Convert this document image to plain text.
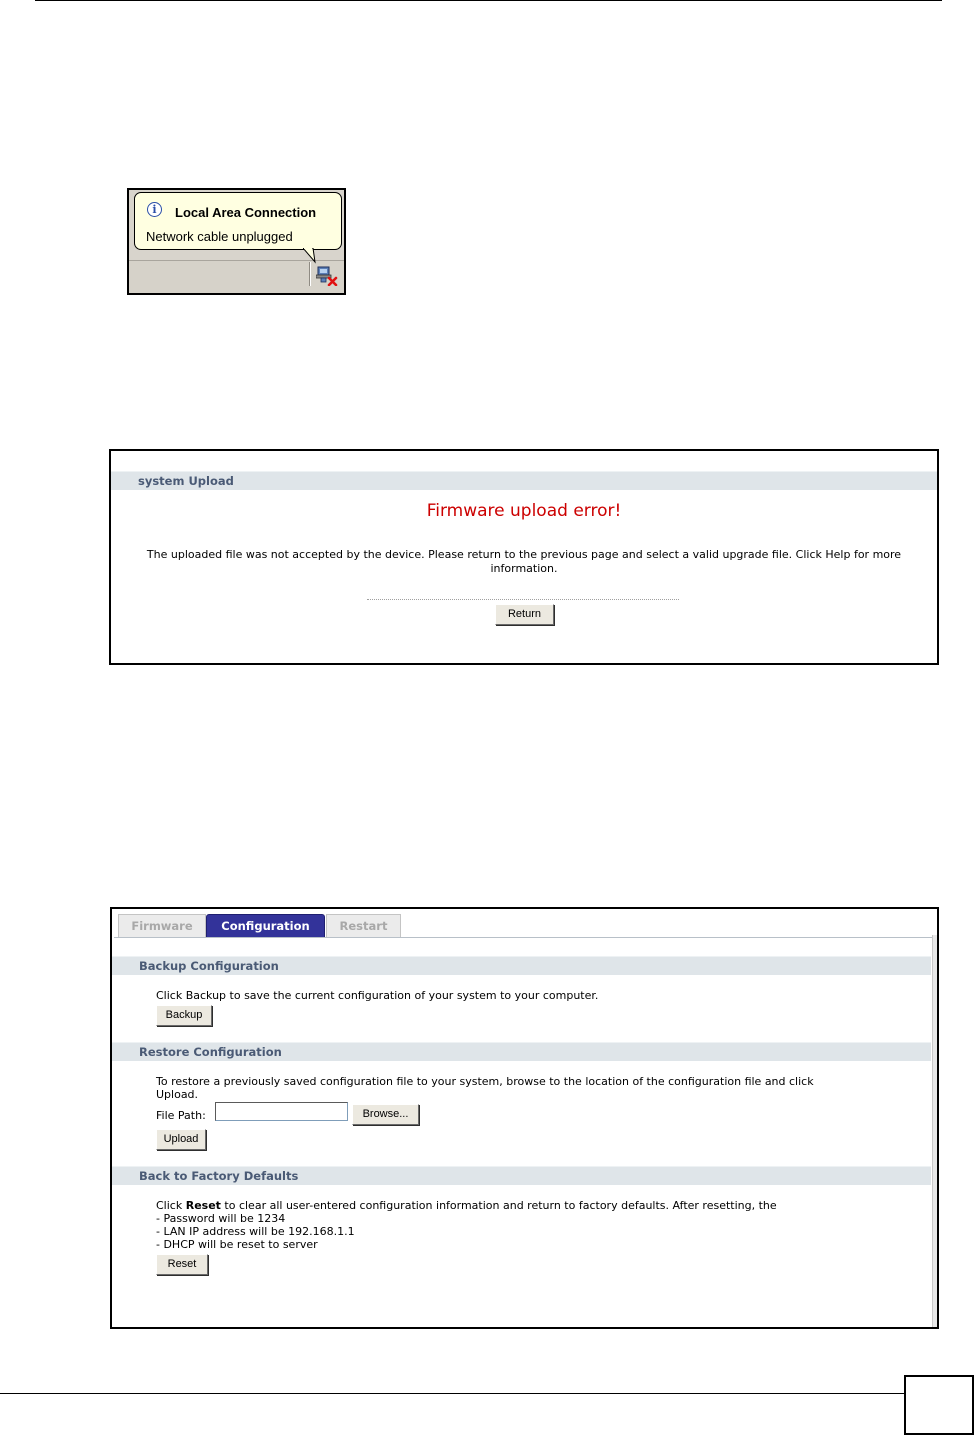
i	Local Area Connection
Network cable unplugged
system Upload
Firmware upload error!
The uploaded file was not accepted by the device. Please return to the previous page and select a valid upgrade file. Click Help for more information.
Return
Firmware	Configuration	Restart
Backup Configuration
Click Backup to save the current configuration of your system to your computer.
Backup
Restore Configuration
To restore a previously saved configuration file to your system, browse to the location of the configuration file and click
Upload.
File Path:	Browse...
Upload
Back to Factory Defaults
Click Reset to clear all user-entered configuration information and return to factory defaults. After resetting, the
- Password will be 1234
- LAN IP address will be 192.168.1.1
- DHCP will be reset to server
Reset
